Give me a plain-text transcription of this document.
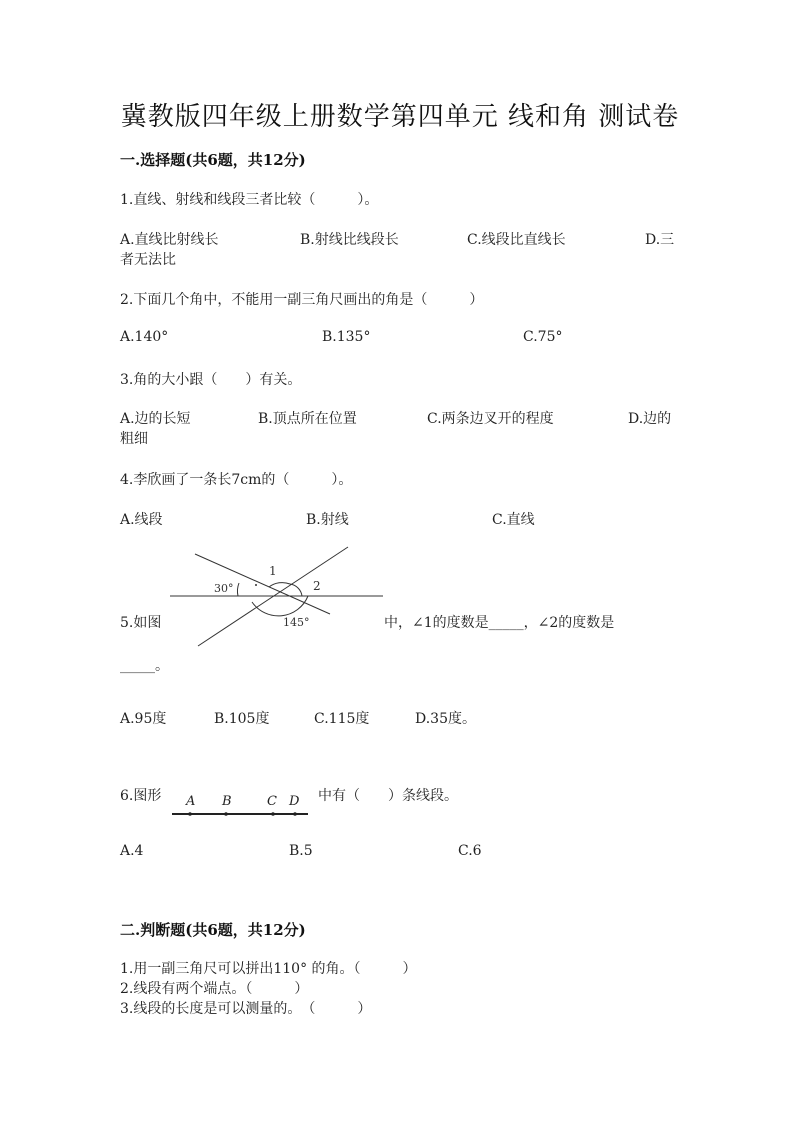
冀教版四年级上册数学第四单元 线和角 测试卷
一.选择题(共6题，共12分)
1.直线、射线和线段三者比较（　　　）。
A.直线比射线长	B.射线比线段长	C.线段比直线长	D.三
者无法比
2.下面几个角中，不能用一副三角尺画出的角是（　　　）
A.140°	B.135°	C.75°
3.角的大小跟（　　）有关。
A.边的长短	B.顶点所在位置	C.两条边叉开的程度	D.边的
粗细
4.李欣画了一条长7cm的（　　　）。
A.线段	B.射线	C.直线
5.如图
30°
1
2
145°	中，∠1的度数是_____，∠2的度数是
_____。
A.95度	B.105度	C.115度	D.35度。
6.图形 A B	C D 中有（　　）条线段。
A.4	B.5	C.6
二.判断题(共6题，共12分)
1.用一副三角尺可以拼出110° 的角。（　　　）
2.线段有两个端点。（　　　）
3.线段的长度是可以测量的。　（　　　）
